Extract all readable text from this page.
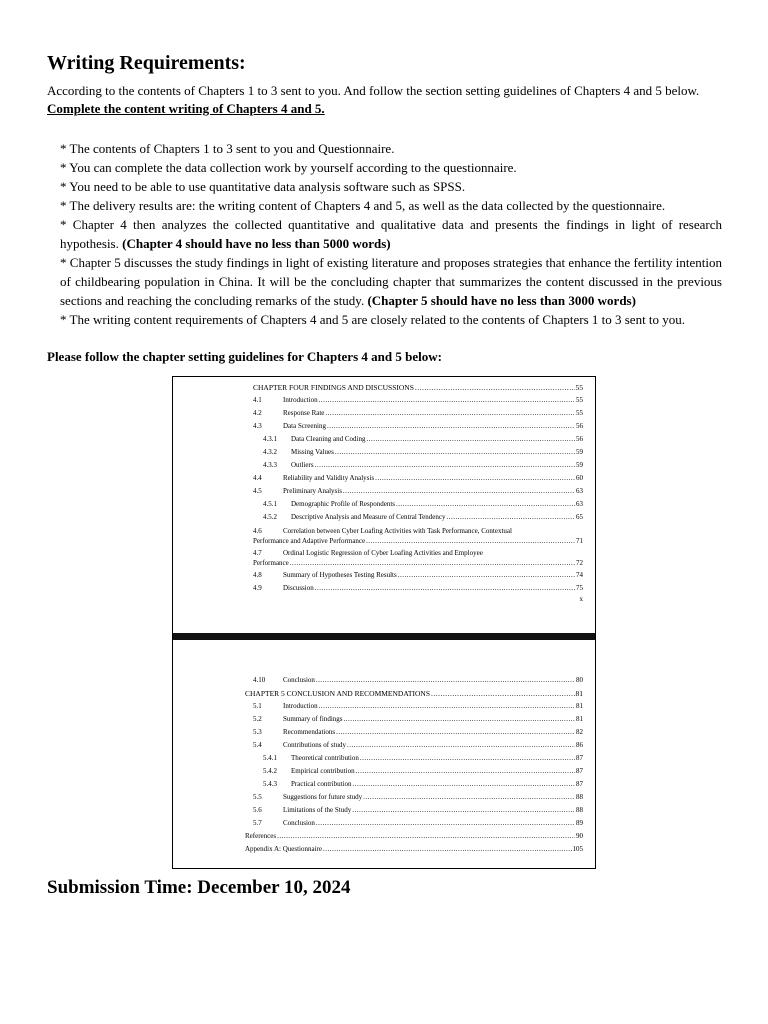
Writing Requirements:

According to the contents of Chapters 1 to 3 sent to you. And follow the section setting guidelines of Chapters 4 and 5 below.

Complete the content writing of Chapters 4 and 5.

* The contents of Chapters 1 to 3 sent to you and Questionnaire.

* You can complete the data collection work by yourself according to the questionnaire.

* You need to be able to use quantitative data analysis software such as SPSS.

* The delivery results are: the writing content of Chapters 4 and 5, as well as the data collected by the questionnaire.

* Chapter 4 then analyzes the collected quantitative and qualitative data and presents the findings in light of research hypothesis. (Chapter 4 should have no less than 5000 words)

* Chapter 5 discusses the study findings in light of existing literature and proposes strategies that enhance the fertility intention of childbearing population in China. It will be the concluding chapter that summarizes the content discussed in the previous sections and reaching the concluding remarks of the study. (Chapter 5 should have no less than 3000 words)

* The writing content requirements of Chapters 4 and 5 are closely related to the contents of Chapters 1 to 3 sent to you.

Please follow the chapter setting guidelines for Chapters 4 and 5 below:
CHAPTER FOUR FINDINGS AND DISCUSSIONS .....	55
4.1	Introduction .....	55
4.2	Response Rate .....	55
4.3	Data Screening .....	56
4.3.1	Data Cleaning and Coding .....	56
4.3.2	Missing Values .....	59
4.3.3	Outliers .....	59
4.4	Reliability and Validity Analysis .....	60
4.5	Preliminary Analysis .....	63
4.5.1	Demographic Profile of Respondents .....	63
4.5.2	Descriptive Analysis and Measure of Central Tendency .....	65
4.6	Correlation between Cyber Loafing Activities with Task Performance, Contextual
Performance and Adaptive Performance .....	71
4.7	Ordinal Logistic Regression of Cyber Loafing Activities and Employee
Performance .....	72
4.8	Summary of Hypotheses Testing Results .....	74
4.9	Discussion .....	75
x
4.10	Conclusion .....	80
CHAPTER 5 CONCLUSION AND RECOMMENDATIONS .....	81
5.1	Introduction .....	81
5.2	Summary of findings .....	81
5.3	Recommendations .....	82
5.4	Contributions of study .....	86
5.4.1	Theoretical contribution .....	87
5.4.2	Empirical contribution .....	87
5.4.3	Practical contribution .....	87
5.5	Suggestions for future study .....	88
5.6	Limitations of the Study .....	88
5.7	Conclusion .....	89
References .....	90
Appendix A: Questionnaire .....	105
Submission Time: December 10, 2024
